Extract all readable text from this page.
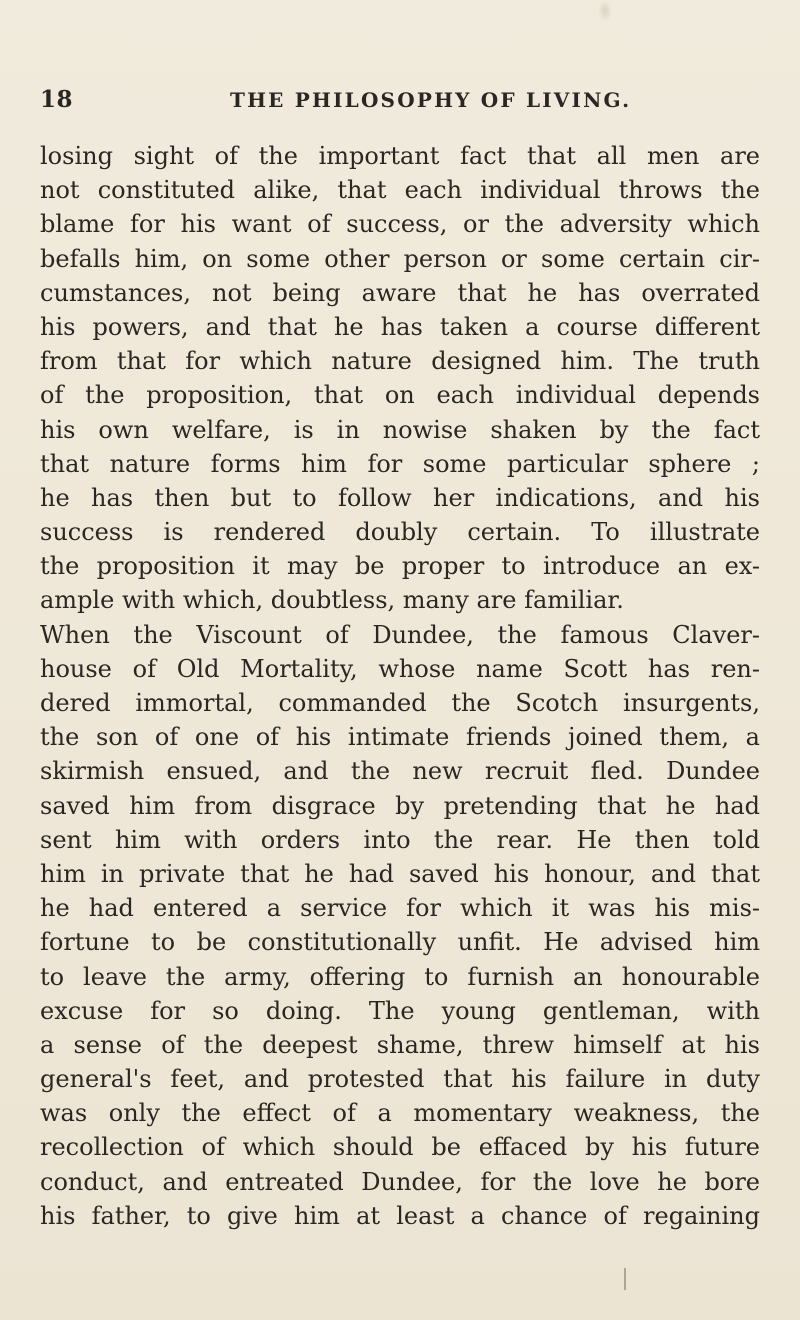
18	THE PHILOSOPHY OF LIVING.
losing sight of the important fact that all men are
not constituted alike, that each individual throws the
blame for his want of success, or the adversity which
befalls him, on some other person or some certain cir-
cumstances, not being aware that he has overrated
his powers, and that he has taken a course different
from that for which nature designed him. The truth
of the proposition, that on each individual depends
his own welfare, is in nowise shaken by the fact
that nature forms him for some particular sphere ;
he has then but to follow her indications, and his
success is rendered doubly certain. To illustrate
the proposition it may be proper to introduce an ex-
ample with which, doubtless, many are familiar.
When the Viscount of Dundee, the famous Claver-
house of Old Mortality, whose name Scott has ren-
dered immortal, commanded the Scotch insurgents,
the son of one of his intimate friends joined them, a
skirmish ensued, and the new recruit fled. Dundee
saved him from disgrace by pretending that he had
sent him with orders into the rear. He then told
him in private that he had saved his honour, and that
he had entered a service for which it was his mis-
fortune to be constitutionally unfit. He advised him
to leave the army, offering to furnish an honourable
excuse for so doing. The young gentleman, with
a sense of the deepest shame, threw himself at his
general's feet, and protested that his failure in duty
was only the effect of a momentary weakness, the
recollection of which should be effaced by his future
conduct, and entreated Dundee, for the love he bore
his father, to give him at least a chance of regaining
